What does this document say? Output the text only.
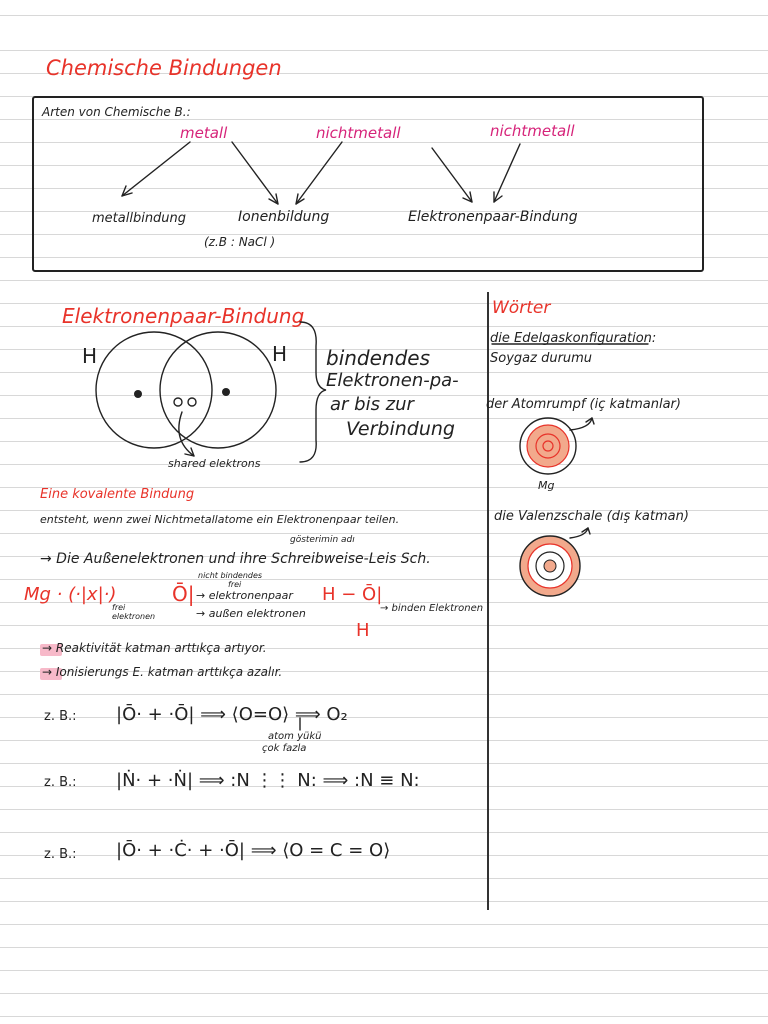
Chemische Bindungen
Arten von Chemische B.:
metall	nichtmetall	nichtmetall
metallbindung	Ionenbildung	Elektronenpaar-Bindung
(z.B : NaCl )
Elektronenpaar-Bindung
H	H bindendes
Elektronen-pa-
ar bis zur
Verbindung
shared elektrons
Eine kovalente Bindung
entsteht, wenn zwei Nichtmetallatome ein Elektronenpaar teilen.
gösterimin adı
→ Die Außenelektronen und ihre Schreibweise-Leis Sch.
Mg · (·|x|·)
frei elektronen
Ō|
nicht bindendes
frei
→ elektronenpaar
→ außen elektronen
H − Ō|
H
→ binden Elektronen
→ Reaktivität katman arttıkça artıyor.
→ Ionisierungs E. katman arttıkça azalır.
z. B.: |Ō· + ·Ō| ⟹ ⟨O=O⟩ ⟹ O₂
atom yükü
çok fazla
z. B.: |Ṅ· + ·Ṅ| ⟹ :N ⋮⋮ N: ⟹ :N ≡ N:
z. B.: |Ō· + ·Ċ· + ·Ō| ⟹ ⟨O = C = O⟩
Wörter
die Edelgaskonfiguration:
Soygaz durumu
der Atomrumpf (iç katmanlar)
Mg
die Valenzschale (dış katman)
